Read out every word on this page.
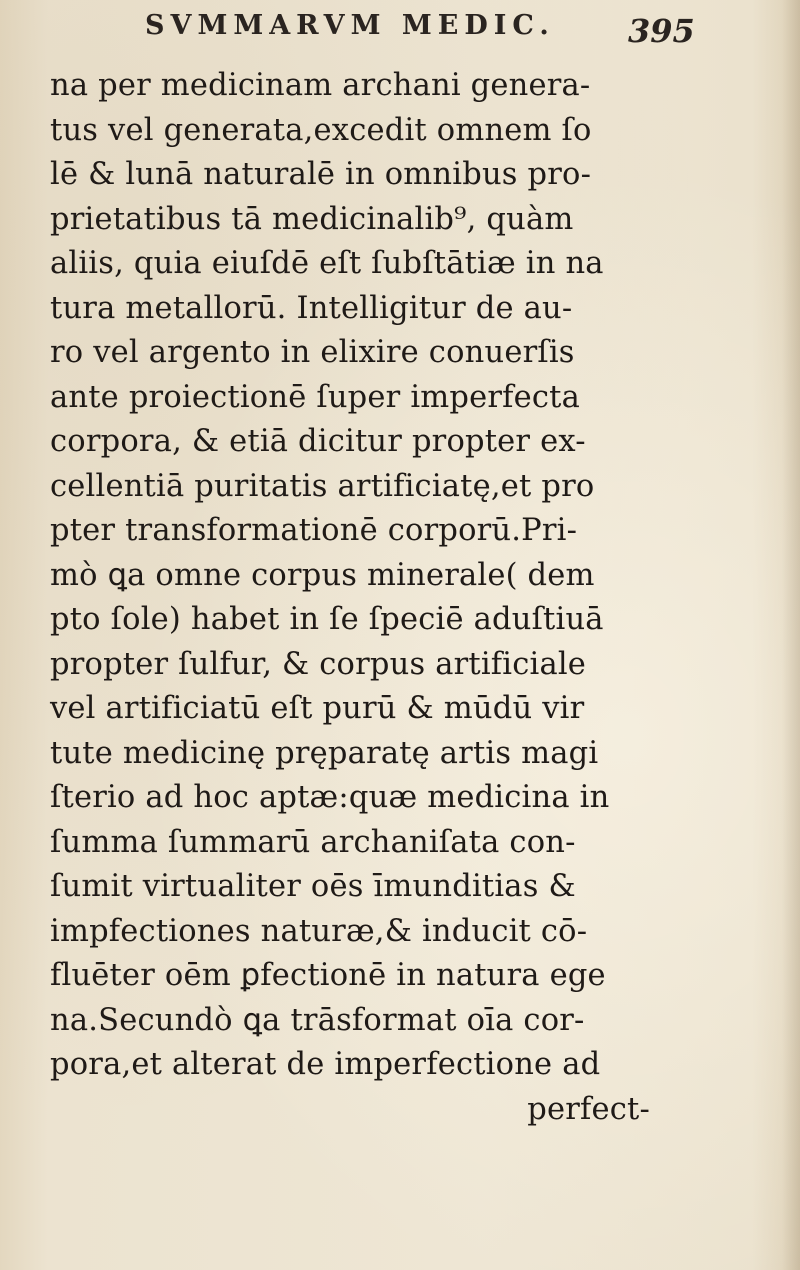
SVMMARVM MEDIC. 395
na per medicinam archani genera-
tus vel generata,excedit omnem ſo
lē & lunā naturalē in omnibus pro-
prietatibus tā medicinalib⁹, quàm
aliis, quia eiuſdē eſt ſubſtātiæ in na
tura metallorū. Intelligitur de au-
ro vel argento in elixire conuerſis
ante proiectionē ſuper imperfecta
corpora, & etiā dicitur propter ex-
cellentiā puritatis artificiatę,et pro
pter transformationē corporū.Pri-
mò ꝗa omne corpus minerale( dem
pto ſole) habet in ſe ſpeciē aduſtiuā
propter ſulfur, & corpus artificiale
vel artificiatū eſt purū & mūdū vir
tute medicinę pręparatę artis magi
ſterio ad hoc aptæ:quæ medicina in
ſumma ſummarū archaniſata con-
ſumit virtualiter oēs īmunditias &
impfectiones naturæ,& inducit cō-
fluēter oēm ꝑfectionē in natura ege
na.Secundò ꝗa trāsformat oīa cor-
pora,et alterat de imperfectione ad
perfect-
